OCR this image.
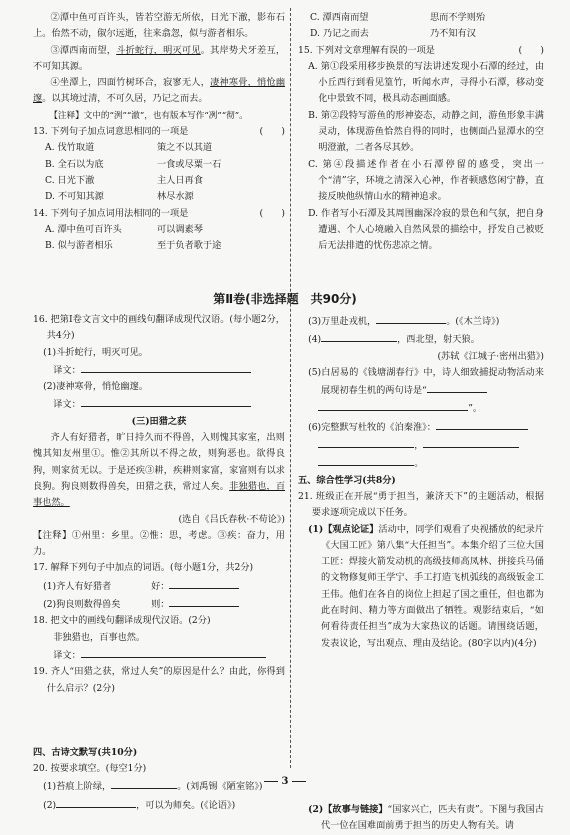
②潭中鱼可百许头，皆若空游无所依，日光下澈，影布石上。佁然不动，俶尔远逝，往来翕忽，似与游者相乐。

③潭西南而望，斗折蛇行，明灭可见。其岸势犬牙差互，不可知其源。

④坐潭上，四面竹树环合，寂寥无人，凄神寒骨，悄怆幽邃。以其境过清，不可久居，乃记之而去。

【注释】文中的“洌”“澈”，也有版本写作“冽”“彻”。

13. 下列句子加点词意思相同的一项是	(　　)

A. 伐竹取道	策之不以其道
B. 全石以为底	一食或尽粟一石
C. 日光下澈	主人日再食
D. 不可知其源	林尽水源

14. 下列句子加点词用法相同的一项是	(　　)

A. 潭中鱼可百许头	可以调素琴
B. 似与游者相乐	至于负者歌于途
C. 潭西南而望	思而不学则殆
D. 乃记之而去	乃不知有汉

15. 下列对文章理解有误的一项是	(　　)

A. 第①段采用移步换景的写法讲述发现小石潭的经过，由小丘西行到看见篁竹，听闻水声，寻得小石潭，移动变化中景致不同，极具动态画面感。

B. 第②段特写游鱼的形神姿态，动静之间，游鱼形象丰满灵动，体现游鱼恰然自得的同时，也侧面凸显潭水的空明澄澈，二者各尽其妙。

C. 第④段描述作者在小石潭停留的感受，突出一个“清”字，环境之清深入心神，作者顿感悠闲宁静，直接反映他纵情山水的精神追求。

D. 作者写小石潭及其周围幽深冷寂的景色和气氛，把自身遭遇、个人心境融入自然风景的描绘中，抒发自己被贬后无法排遣的忧伤悲凉之情。

第Ⅱ卷(非选择题　共90分)

16. 把第Ⅰ卷文言文中的画线句翻译成现代汉语。(每小题2分，共4分)

(1)斗折蛇行，明灭可见。

译文：

(2)凄神寒骨，悄怆幽邃。

译文：

(三)田猎之获

齐人有好猎者，旷日持久而不得兽，入则愧其家室，出则愧其知友州里①。惟②其所以不得之故，则狗恶也。欲得良狗，则家贫无以。于是还疾③耕，疾耕则家富，家富则有以求良狗。狗良则数得兽矣，田猎之获，常过人矣。非独猎也，百事也然。

(选自《吕氏春秋·不苟论》)

【注释】①州里：乡里。②惟：思，考虑。③疾：奋力，用力。

17. 解释下列句子中加点的词语。(每小题1分，共2分)

(1)齐人有好猎者	好：

(2)狗良则数得兽矣	则：

18. 把文中的画线句翻译成现代汉语。(2分)

非独猎也，百事也然。

译文：

19. 齐人“田猎之获，常过人矣”的原因是什么？由此，你得到什么启示？(2分)

四、古诗文默写(共10分)

20. 按要求填空。(每空1分)

(1)苔痕上阶绿，	。(刘禹锡《陋室铭》)

(2)	，可以为师矣。(《论语》)

(3)万里赴戎机，	。(《木兰诗》)

(4)	，西北望，射天狼。

(苏轼《江城子·密州出猎》)

(5)白居易的《钱塘湖春行》中，诗人细致捕捉动物活动来展现初春生机的两句诗是“

”。

(6)完整默写杜牧的《泊秦淮》：

，

。

五、综合性学习(共8分)

21. 班级正在开展“勇于担当，兼济天下”的主题活动，根据要求逐项完成以下任务。

(1)【观点论证】活动中，同学们观看了央视播放的纪录片《大国工匠》第八集“大任担当”。本集介绍了三位大国工匠：焊接火箭发动机的高级技师高凤林、拼接兵马俑的文物修复师王学宁、手工打造飞机弧线的高级钣金工王伟。他们在各自的岗位上担起了国之重任，但也都为此在时间、精力等方面做出了牺牲。观影结束后，“如何看待责任担当”成为大家热议的话题。请围绕话题，发表议论，写出观点、理由及结论。(80字以内)(4分)

(2)【故事与链接】“国家兴亡，匹夫有责”。下图与我国古代一位在国难面前勇于担当的历史人物有关。请

3
